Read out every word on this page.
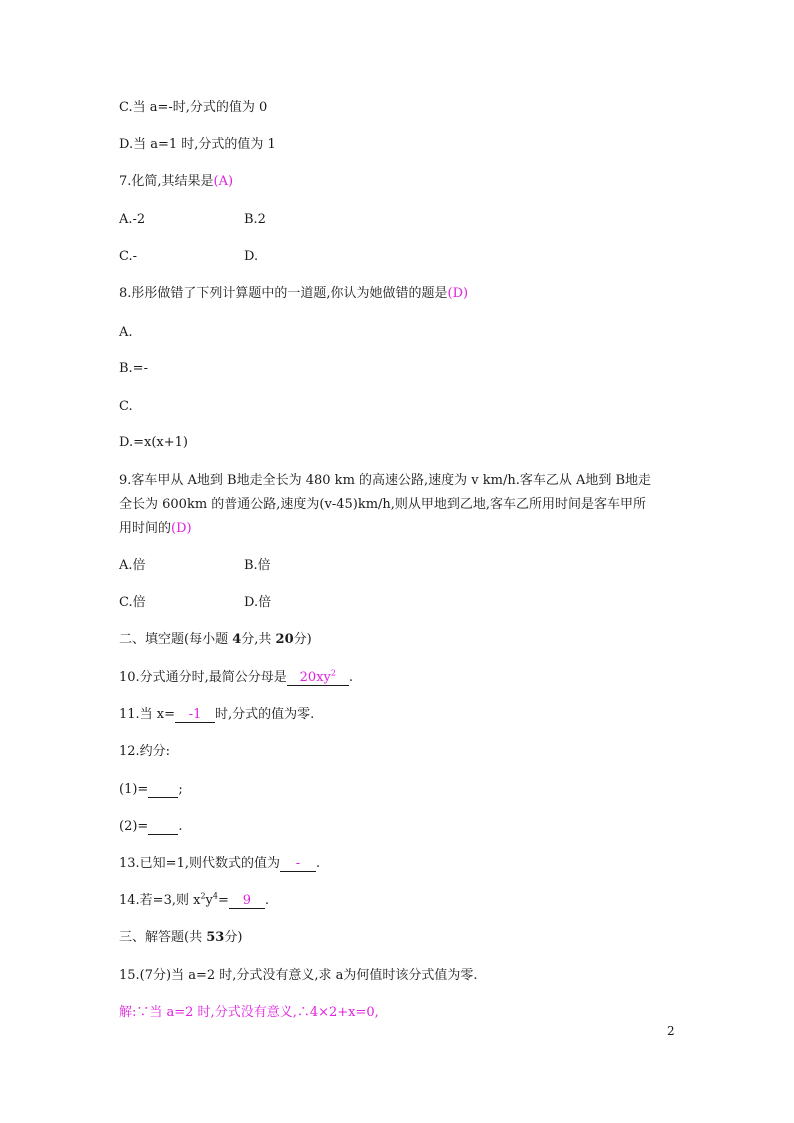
C.当 a=-时,分式的值为 0
D.当 a=1 时,分式的值为 1
7.化简,其结果是(A)
A.-2	B.2
C.-	D.
8.彤彤做错了下列计算题中的一道题,你认为她做错的题是(D)
A.
B.=-
C.
D.=x(x+1)
9.客车甲从 A地到 B地走全长为 480 km 的高速公路,速度为 v km/h.客车乙从 A地到 B地走
全长为 600km 的普通公路,速度为(v-45)km/h,则从甲地到乙地,客车乙所用时间是客车甲所
用时间的(D)
A.倍	B.倍
C.倍	D.倍
二、填空题(每小题 4分,共 20分)
10.分式通分时,最简公分母是 $20xy^2$ .
11.当 x= -1 时,分式的值为零.
12.约分:
(1)= ;
(2)= .
13.已知=1,则代数式的值为 - .
14.若=3,则 $x^2y^4= 9$ .
三、解答题(共 53分)
15.(7分)当 a=2 时,分式没有意义,求 a为何值时该分式值为零.
解:∵当 a=2 时,分式没有意义,∴4×2+x=0,
2
